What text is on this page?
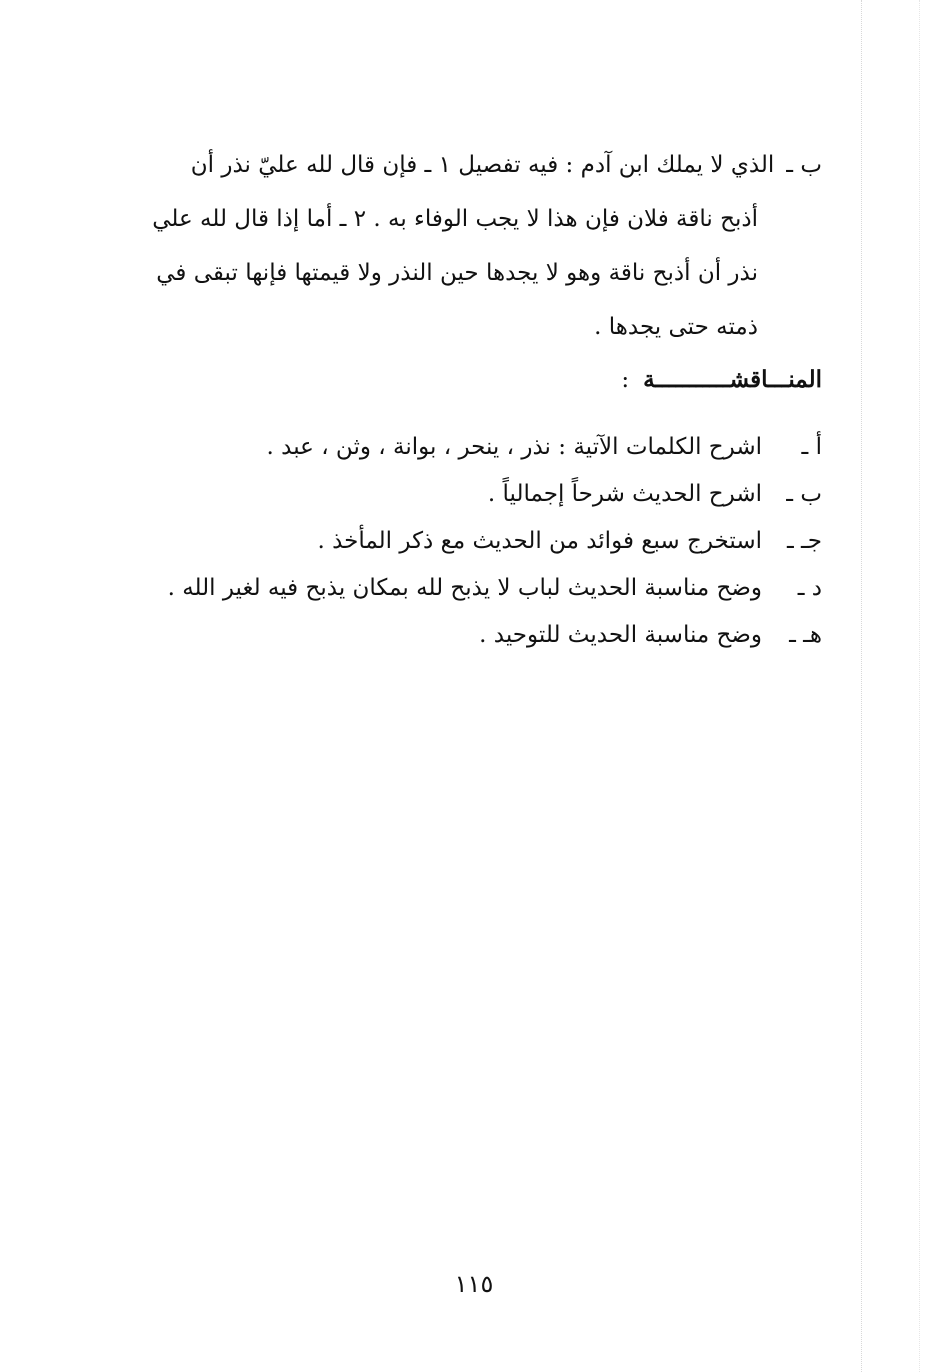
ب ـالذي لا يملك ابن آدم : فيه تفصيل ١ ـ فإن قال لله عليّ نذر أن
أذبح ناقة فلان فإن هذا لا يجب الوفاء به . ٢ ـ أما إذا قال لله علي
نذر أن أذبح ناقة وهو لا يجدها حين النذر ولا قيمتها فإنها تبقى في
ذمته حتى يجدها .
المنـــاقشـــــــــــة:
أ ـاشرح الكلمات الآتية : نذر ، ينحر ، بوانة ، وثن ، عبد .
ب ـاشرح الحديث شرحاً إجمالياً .
جـ ـاستخرج سبع فوائد من الحديث مع ذكر المأخذ .
د ـوضح مناسبة الحديث لباب لا يذبح لله بمكان يذبح فيه لغير الله .
هـ ـوضح مناسبة الحديث للتوحيد .
١١٥
